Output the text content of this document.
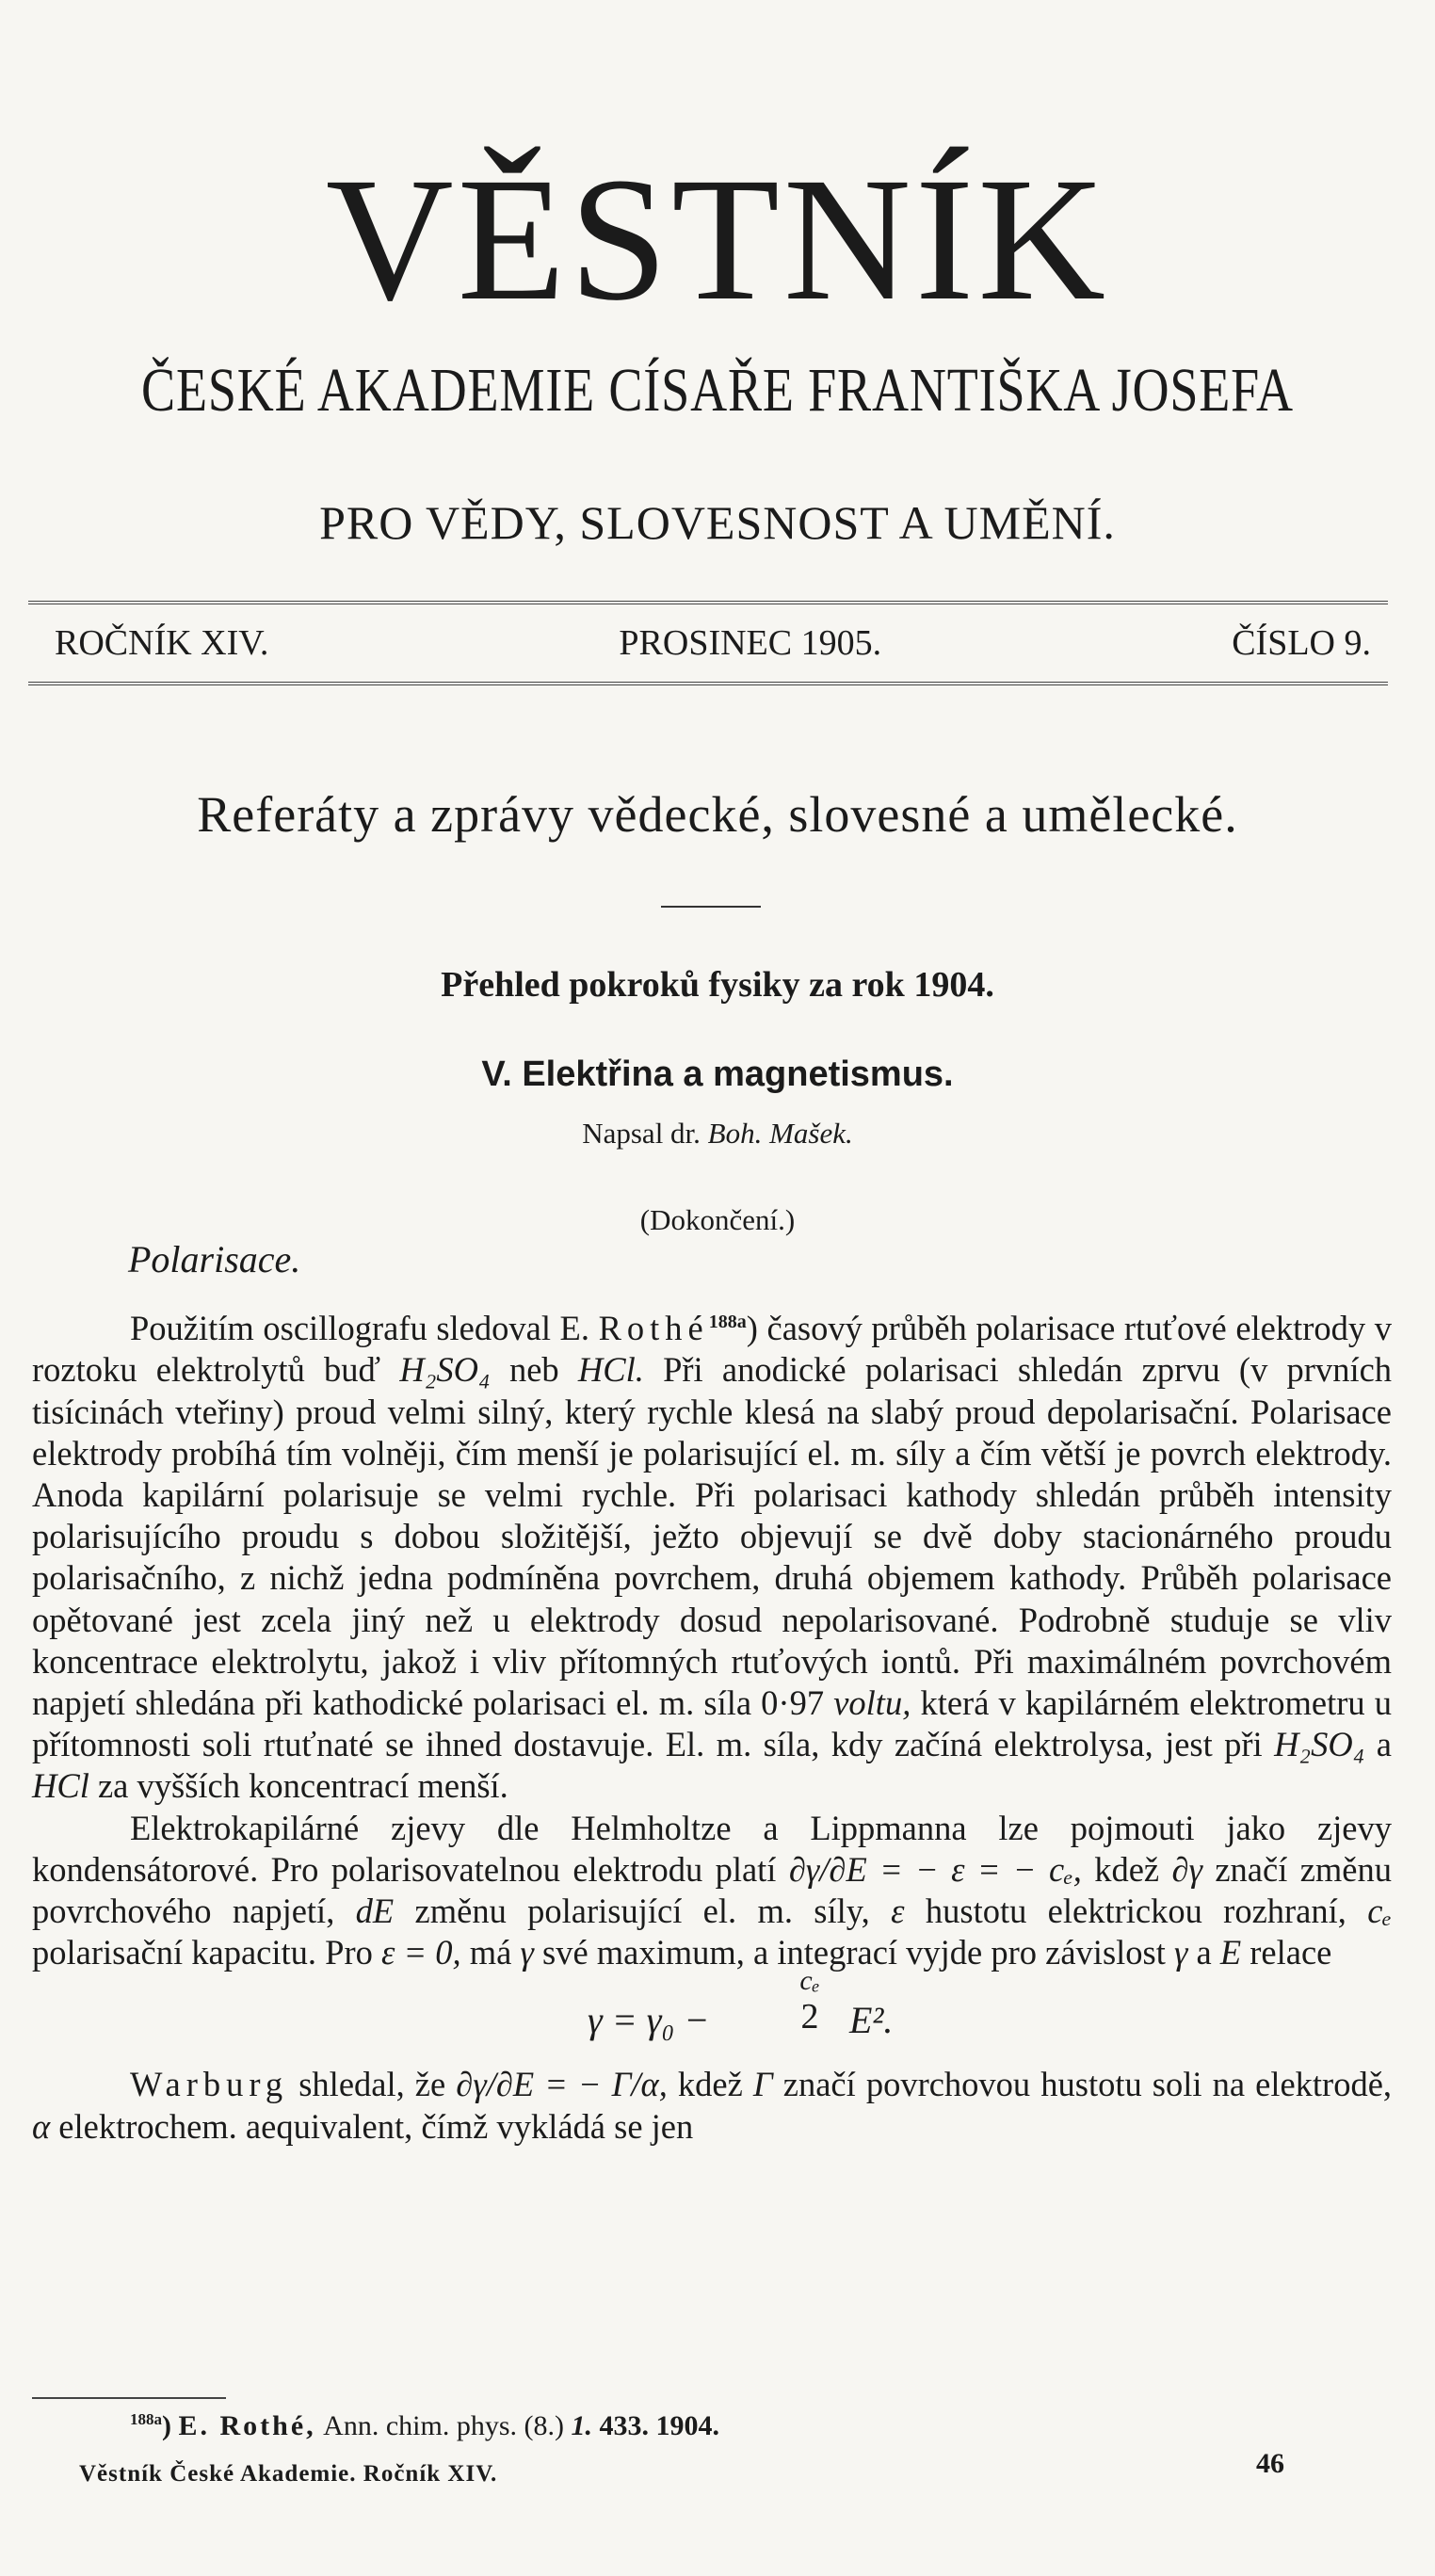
VĚSTNÍK
ČESKÉ AKADEMIE CÍSAŘE FRANTIŠKA JOSEFA
PRO VĚDY, SLOVESNOST A UMĚNÍ.
ROČNÍK XIV.	PROSINEC 1905.	ČÍSLO 9.
Referáty a zprávy vědecké, slovesné a umělecké.
Přehled pokroků fysiky za rok 1904.
V. Elektřina a magnetismus.
Napsal dr. Boh. Mašek.
(Dokončení.)
Polarisace.

Použitím oscillografu sledoval E. Rothé$^{188a}$) časový průběh polarisace rtuťové elektrody v roztoku elektrolytů buď H₂SO₄ neb HCl. Při anodické polarisaci shledán zprvu (v prvních tisícinách vteřiny) proud velmi silný, který rychle klesá na slabý proud depolarisační. Polarisace elektrody probíhá tím volněji, čím menší je polarisující el. m. síly a čím větší je povrch elektrody. Anoda kapilární polarisuje se velmi rychle. Při polarisaci kathody shledán průběh intensity polarisujícího proudu s dobou složitější, ježto objevují se dvě doby stacionárného proudu polarisačního, z nichž jedna podmíněna povrchem, druhá objemem kathody. Průběh polarisace opětované jest zcela jiný než u elektrody dosud nepolarisované. Podrobně studuje se vliv koncentrace elektrolytu, jakož i vliv přítomných rtuťových iontů. Při maximálném povrchovém napjetí shledána při kathodické polarisaci el. m. síla 0·97 voltu, která v kapilárném elektrometru u přítomnosti soli rtuťnaté se ihned dostavuje. El. m. síla, kdy začíná elektrolysa, jest při H₂SO₄ a HCl za vyšších koncentrací menší.

Elektrokapilárné zjevy dle Helmholtze a Lippmanna lze pojmouti jako zjevy kondensátorové. Pro polarisovatelnou elektrodu platí ∂γ/∂E = − ε = − cₑ, kdež ∂γ značí změnu povrchového napjetí, dE změnu polarisující el. m. síly, ε hustotu elektrickou rozhraní, cₑ polarisační kapacitu. Pro ε = 0, má γ své maximum, a integrací vyjde pro závislost γ a E relace

γ = γ₀ −
cₑ
2 E².

Warburg shledal, že ∂γ/∂E = − Γ/α, kdež Γ značí povrchovou hustotu soli na elektrodě, α elektrochem. aequivalent, čímž vykládá se jen

$^{188a}$) E. Rothé, Ann. chim. phys. (8.) 1. 433. 1904.
Věstník České Akademie. Ročník XIV.	46
